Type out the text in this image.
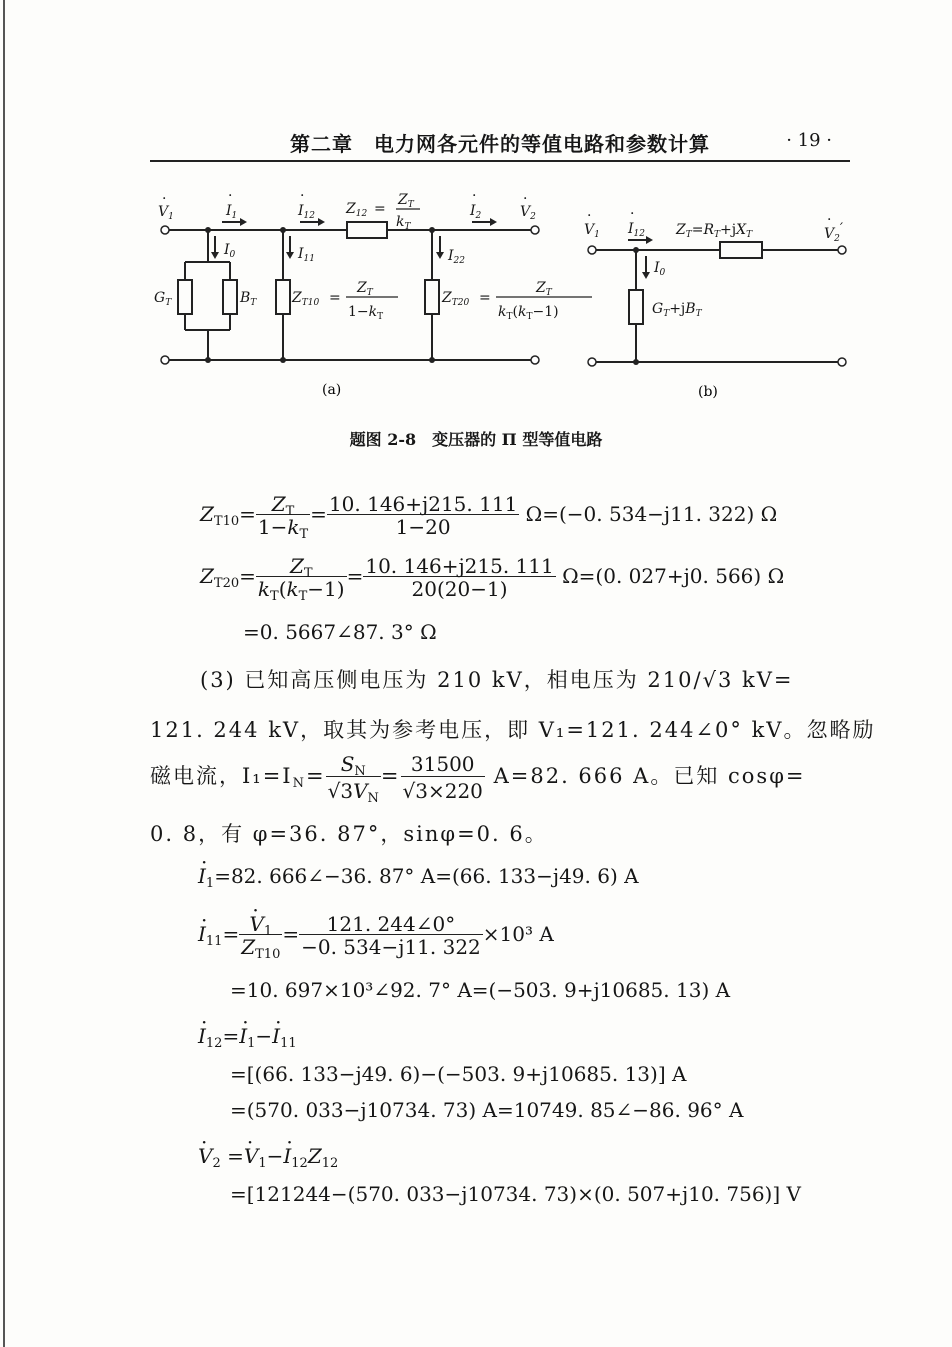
第二章　电力网各元件的等值电路和参数计算	· 19 ·
$V_1$
·
$I_1$
·
$I_{12}$
·
$Z_{12}$ =
$Z_T$
$k_T$
$I_2$
·
$V_2$
·
$I_0$	$I_{11}$	$I_{22}$
$G_T$	$B_T$	$Z_{T10}$ =
$Z_T$
$1-k_T$
$Z_{T20}$ =
$Z_T$
$k_T(k_T-1)$
$V_1$
·
$I_{12}$
·
$Z_T=R_T+jX_T$	$V_2'$
·
$I_0$
$G_T+jB_T$
(a)	(b)
题图 2-8　变压器的 Π 型等值电路
$Z_{T10}= \frac{Z_T}{1-k_T} = \frac{10. 146+j215. 111}{1-20} \Omega=(-0$. 534−j11. 322) Ω
$Z_{T20}= \frac{Z_T}{k_T(k_T-1)} = \frac{10. 146+j215. 111}{20(20-1)} \Omega=(0$. 027+j0. 566) Ω
=0. 5667∠87. 3° Ω
(3) 已知高压侧电压为 210 kV，相电压为 210/√3 kV=
121. 244 kV，取其为参考电压，即 V₁=121. 244∠0° kV。忽略励
磁电流，$I_1=IN= \frac{S_N}{√3V_N} = \frac{31500}{√3\times 220} A=82$. 666 A。已知 cosφ=
0. 8，有 φ=36. 87°，sinφ=0. 6。
· $I_1=82$. 666∠−36. 87° A=(66. 133−j49. 6) A
· $I_{11}=$
· $\frac{V_1}{Z_{T10}} = \frac{121. 244\angle 0^\circ}{-0. 534-j11. 322} \times 10^3$ A
=10. 697×10³∠92. 7° A=(−503. 9+j10685. 13) A
· $I_{12}=\cdot I_1-\cdot I_{11}$
=[(66. 133−j49. 6)−(−503. 9+j10685. 13)] A
=(570. 033−j10734. 73) A=10749. 85∠−86. 96° A
· $V_2 =\cdot V_1-\cdot I_{12}Z_{12}$
=[121244−(570. 033−j10734. 73)×(0. 507+j10. 756)] V
